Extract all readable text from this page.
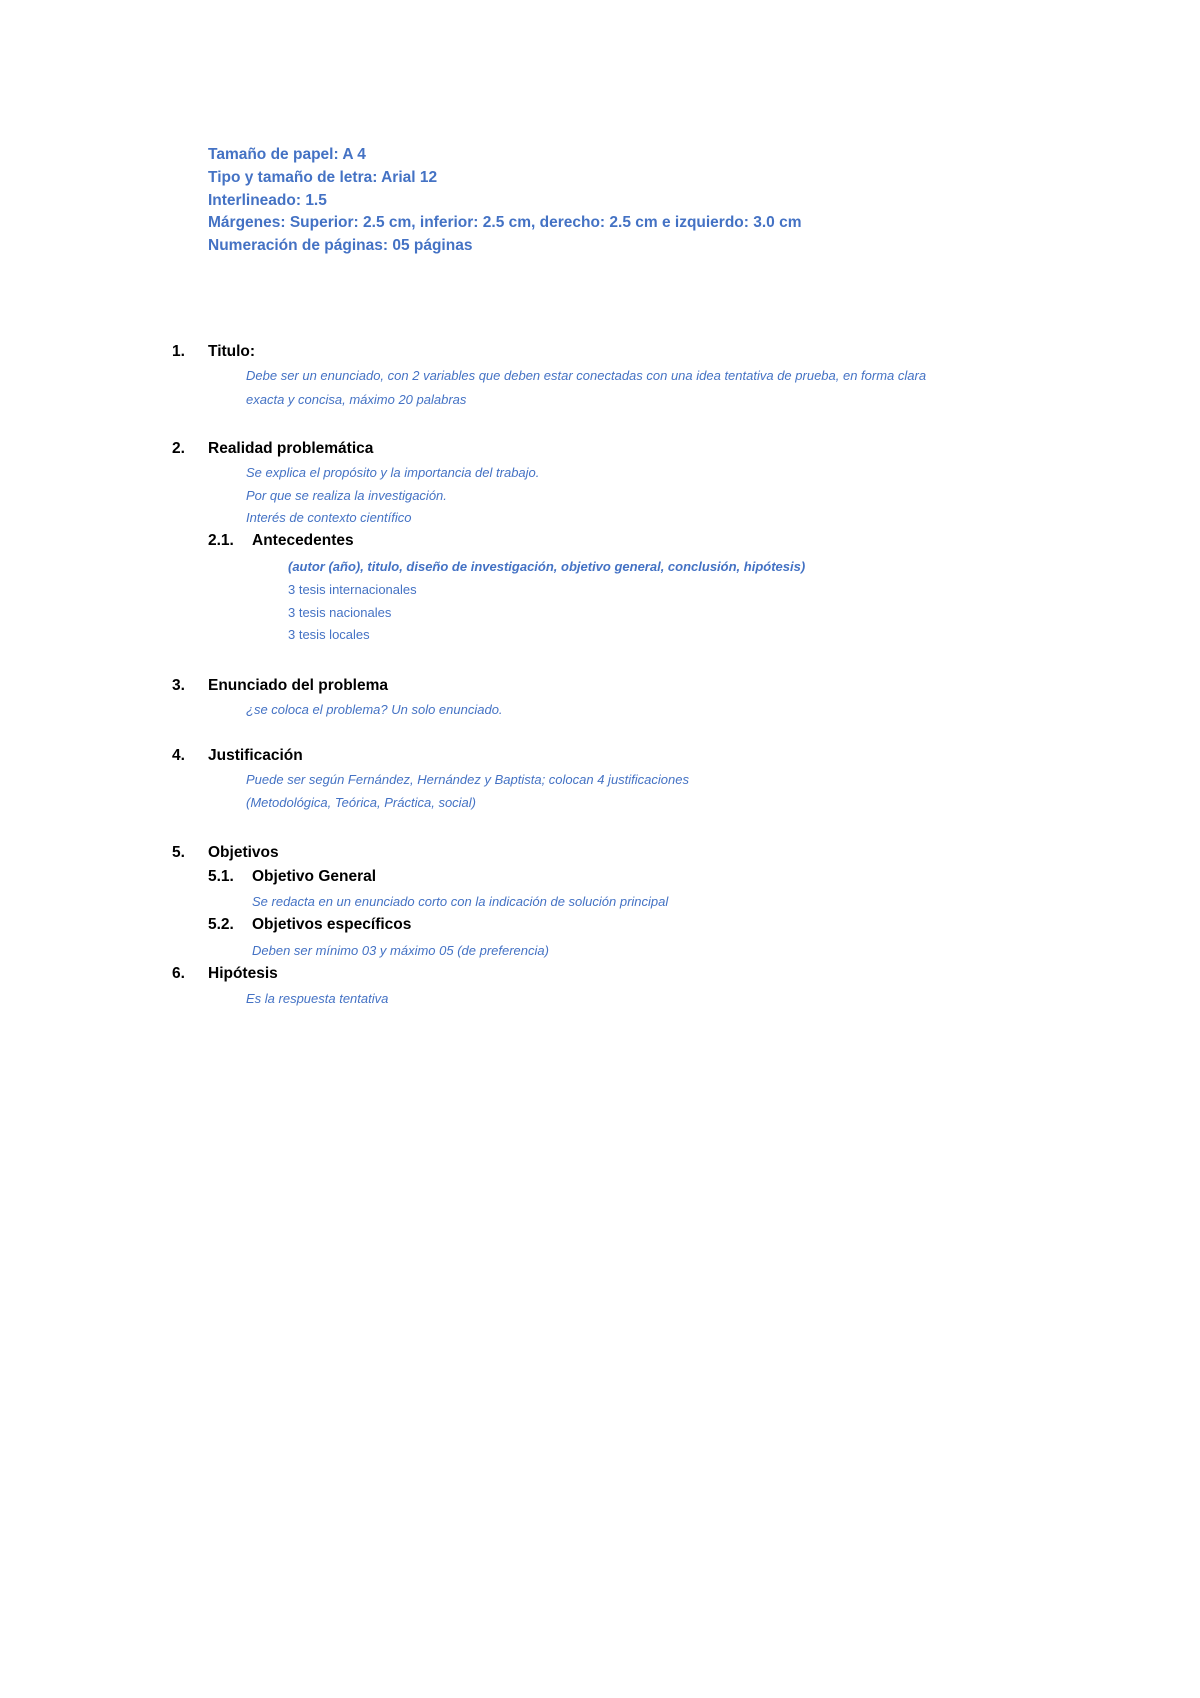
Tamaño de papel: A 4
Tipo y tamaño de letra: Arial 12
Interlineado: 1.5
Márgenes: Superior: 2.5 cm, inferior: 2.5 cm, derecho: 2.5 cm e izquierdo: 3.0 cm
Numeración de páginas: 05 páginas
1. Titulo:
Debe ser un enunciado, con 2 variables que deben estar conectadas con una idea tentativa de prueba, en forma clara
exacta y concisa, máximo 20 palabras
2. Realidad problemática
Se explica el propósito y la importancia del trabajo.
Por que se realiza la investigación.
Interés de contexto científico
2.1. Antecedentes
(autor (año), titulo, diseño de investigación, objetivo general, conclusión, hipótesis)
3 tesis internacionales
3 tesis nacionales
3 tesis locales
3. Enunciado del problema
¿se coloca el problema? Un solo enunciado.
4. Justificación
Puede ser según Fernández, Hernández y Baptista; colocan 4 justificaciones
(Metodológica, Teórica, Práctica, social)
5. Objetivos
5.1. Objetivo General
Se redacta en un enunciado corto con la indicación de solución principal
5.2. Objetivos específicos
Deben ser mínimo 03 y máximo 05 (de preferencia)
6. Hipótesis
Es la respuesta tentativa
